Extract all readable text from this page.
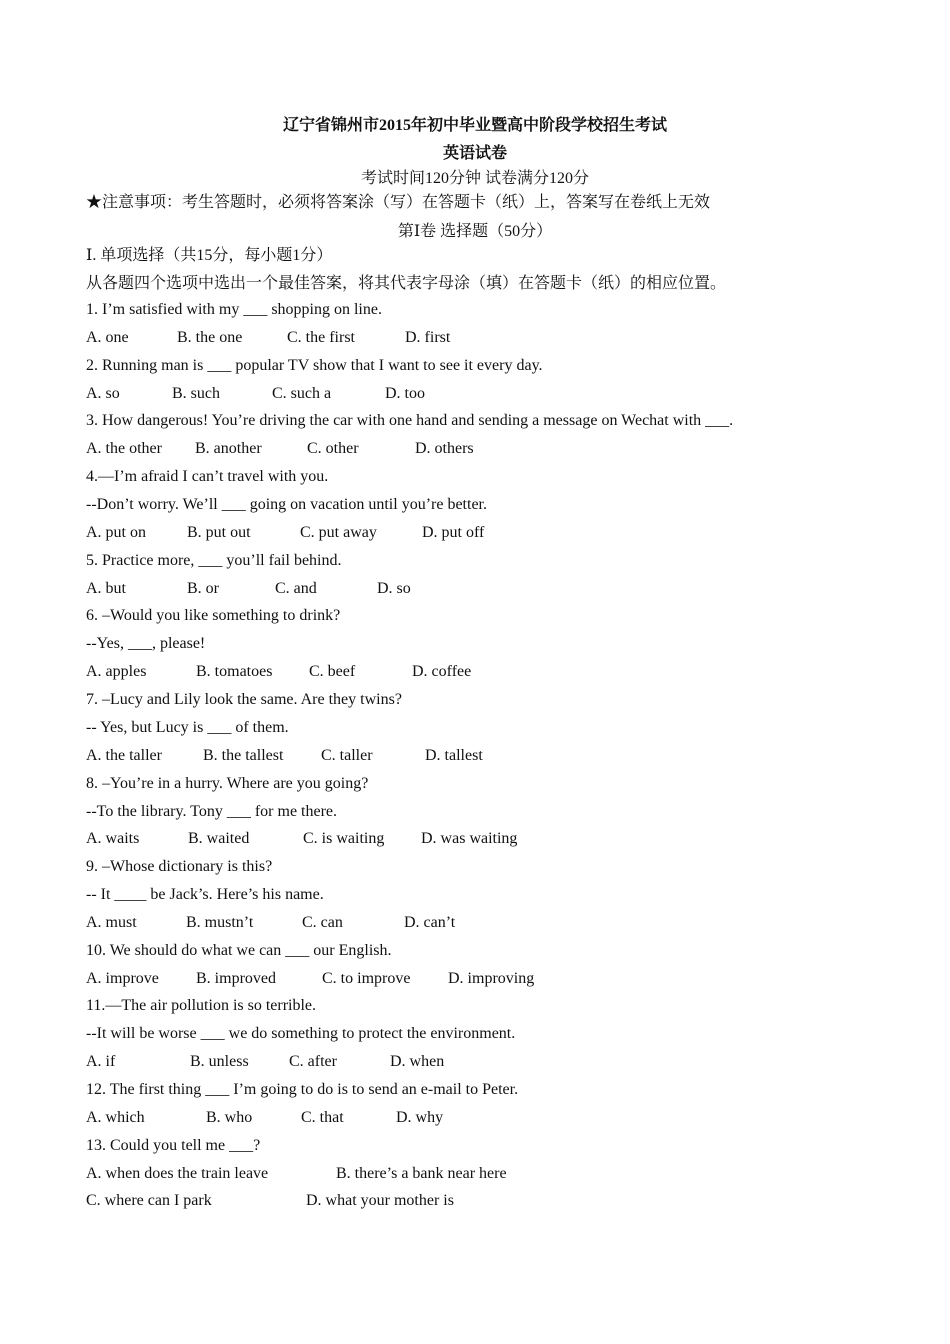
辽宁省锦州市2015年初中毕业暨高中阶段学校招生考试
英语试卷
考试时间120分钟 试卷满分120分
★注意事项：考生答题时，必须将答案涂（写）在答题卡（纸）上，答案写在卷纸上无效
第Ⅰ卷 选择题（50分）
Ⅰ. 单项选择（共15分，每小题1分）
从各题四个选项中选出一个最佳答案，将其代表字母涂（填）在答题卡（纸）的相应位置。
1. I’m satisfied with my ___ shopping on line.
A. one	B. the one	C. the first	D. first
2. Running man is ___ popular TV show that I want to see it every day.
A. so	B. such	C. such a	D. too
3. How dangerous! You’re driving the car with one hand and sending a message on Wechat with ___.
A. the other B. another	C. other	D. others
4.—I’m afraid I can’t travel with you.
--Don’t worry. We’ll ___ going on vacation until you’re better.
A. put on	B. put out	C. put away	D. put off
5. Practice more, ___ you’ll fail behind.
A. but	B. or	C. and	D. so
6. –Would you like something to drink?
--Yes, ___, please!
A. apples	B. tomatoes C. beef	D. coffee
7. –Lucy and Lily look the same. Are they twins?
-- Yes, but Lucy is ___ of them.
A. the taller	B. the tallest C. taller	D. tallest
8. –You’re in a hurry. Where are you going?
--To the library. Tony ___ for me there.
A. waits	B. waited	C. is waiting D. was waiting
9. –Whose dictionary is this?
-- It ____ be Jack’s. Here’s his name.
A. must	B. mustn’t	C. can	D. can’t
10. We should do what we can ___ our English.
A. improve B. improved	C. to improve D. improving
11.—The air pollution is so terrible.
--It will be worse ___ we do something to protect the environment.
A. if	B. unless	C. after	D. when
12. The first thing ___ I’m going to do is to send an e-mail to Peter.
A. which	B. who	C. that	D. why
13. Could you tell me ___?
A. when does the train leave	B. there’s a bank near here
C. where can I park	D. what your mother is
